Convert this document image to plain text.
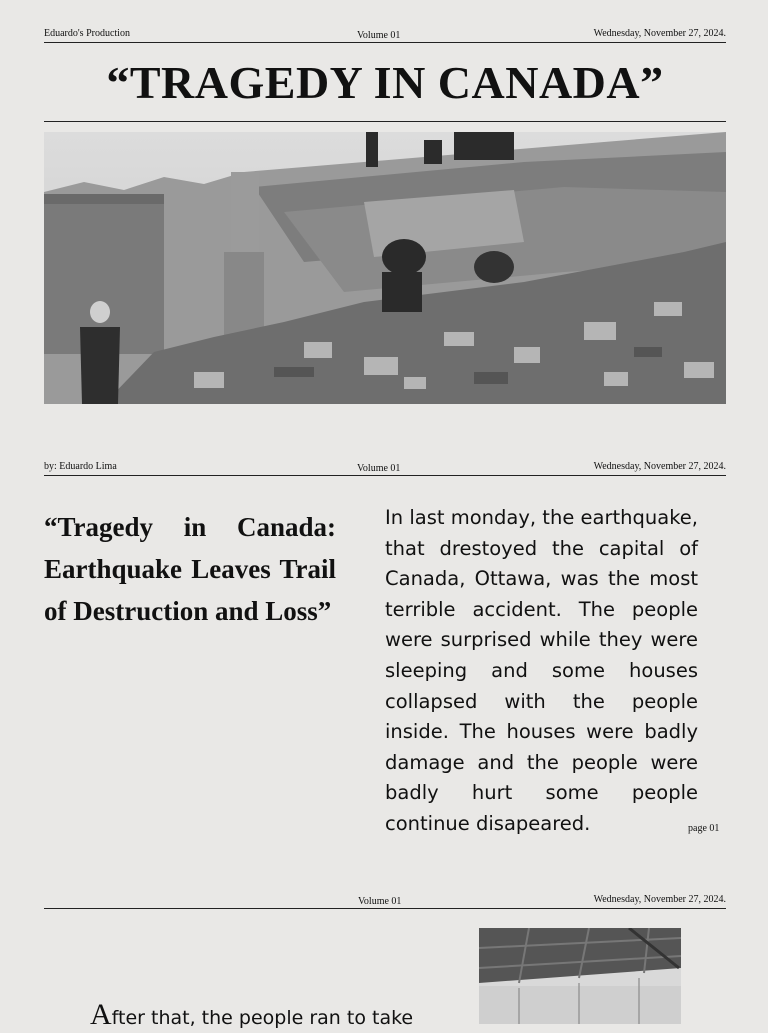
Eduardo's Production	Volume 01	Wednesday, November 27, 2024.
“TRAGEDY IN CANADA”
by: Eduardo Lima	Volume 01	Wednesday, November 27, 2024.
“Tragedy in Canada: Earthquake Leaves Trail of Destruction and Loss”
In last monday, the earthquake, that drestoyed the capital of Canada, Ottawa, was the most terrible accident. The people were surprised while they were sleeping and some houses collapsed with the people inside. The houses were badly damage and the people were badly hurt some people continue disapeared.	page 01
Volume 01	Wednesday, November 27, 2024.
After that, the people ran to take
